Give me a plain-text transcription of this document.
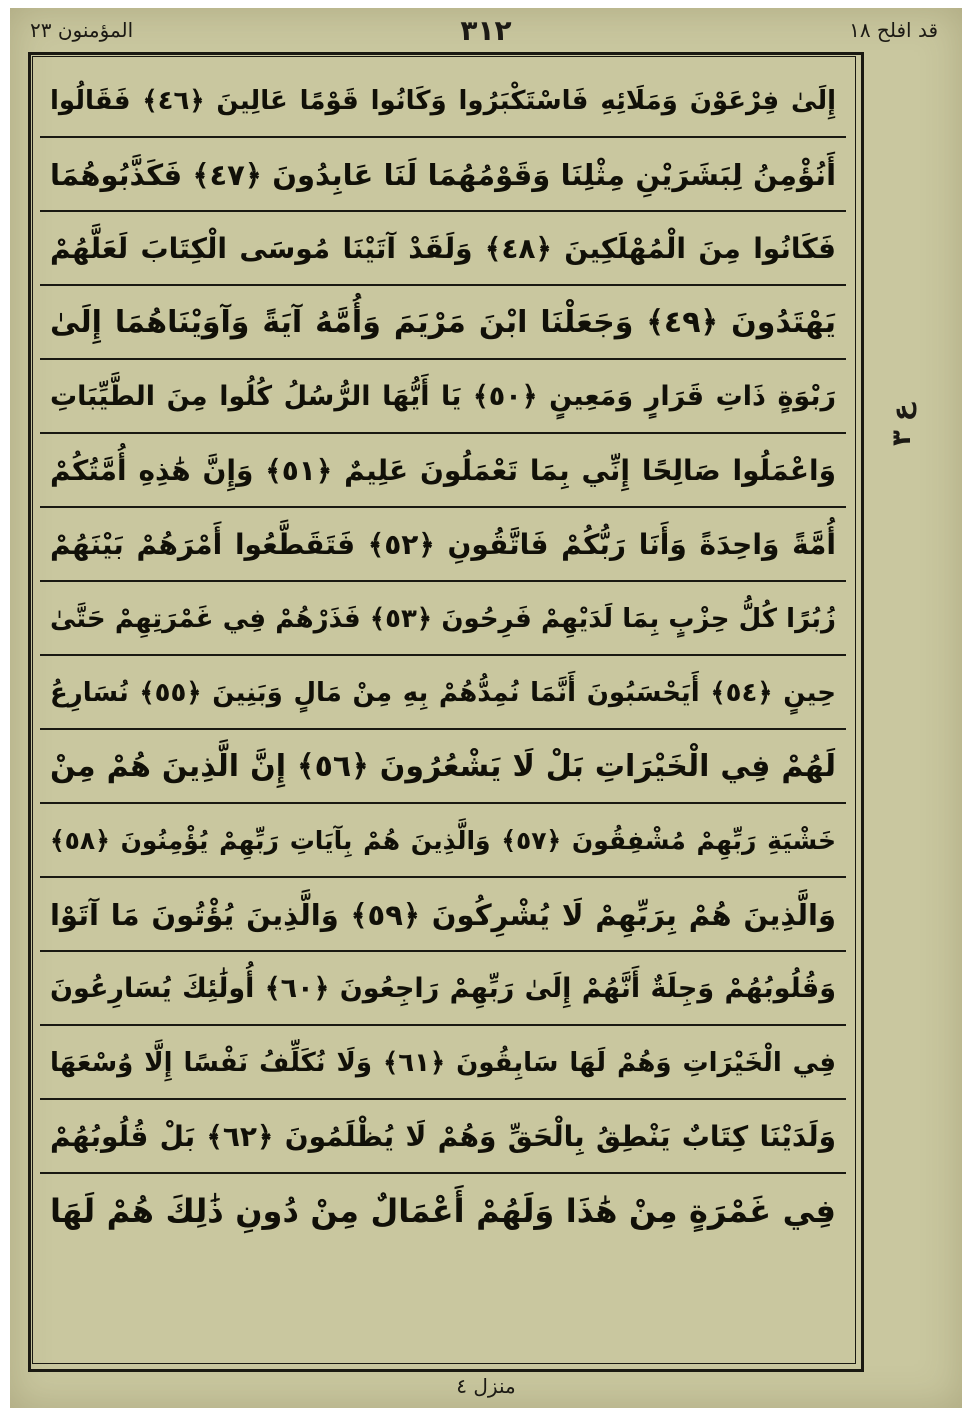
المؤمنون ٢٣	٣١٢	قد افلح ١٨
إِلَىٰ فِرْعَوْنَ وَمَلَائِهِ فَاسْتَكْبَرُوا وَكَانُوا قَوْمًا عَالِينَ ﴿٤٦﴾ فَقَالُوا
أَنُؤْمِنُ لِبَشَرَيْنِ مِثْلِنَا وَقَوْمُهُمَا لَنَا عَابِدُونَ ﴿٤٧﴾ فَكَذَّبُوهُمَا
فَكَانُوا مِنَ الْمُهْلَكِينَ ﴿٤٨﴾ وَلَقَدْ آتَيْنَا مُوسَى الْكِتَابَ لَعَلَّهُمْ
يَهْتَدُونَ ﴿٤٩﴾ وَجَعَلْنَا ابْنَ مَرْيَمَ وَأُمَّهُ آيَةً وَآوَيْنَاهُمَا إِلَىٰ
رَبْوَةٍ ذَاتِ قَرَارٍ وَمَعِينٍ ﴿٥٠﴾ يَا أَيُّهَا الرُّسُلُ كُلُوا مِنَ الطَّيِّبَاتِ
وَاعْمَلُوا صَالِحًا إِنِّي بِمَا تَعْمَلُونَ عَلِيمٌ ﴿٥١﴾ وَإِنَّ هَٰذِهِ أُمَّتُكُمْ
أُمَّةً وَاحِدَةً وَأَنَا رَبُّكُمْ فَاتَّقُونِ ﴿٥٢﴾ فَتَقَطَّعُوا أَمْرَهُمْ بَيْنَهُمْ
زُبُرًا كُلُّ حِزْبٍ بِمَا لَدَيْهِمْ فَرِحُونَ ﴿٥٣﴾ فَذَرْهُمْ فِي غَمْرَتِهِمْ حَتَّىٰ
حِينٍ ﴿٥٤﴾ أَيَحْسَبُونَ أَنَّمَا نُمِدُّهُمْ بِهِ مِنْ مَالٍ وَبَنِينَ ﴿٥٥﴾ نُسَارِعُ
لَهُمْ فِي الْخَيْرَاتِ بَلْ لَا يَشْعُرُونَ ﴿٥٦﴾ إِنَّ الَّذِينَ هُمْ مِنْ
خَشْيَةِ رَبِّهِمْ مُشْفِقُونَ ﴿٥٧﴾ وَالَّذِينَ هُمْ بِآيَاتِ رَبِّهِمْ يُؤْمِنُونَ ﴿٥٨﴾
وَالَّذِينَ هُمْ بِرَبِّهِمْ لَا يُشْرِكُونَ ﴿٥٩﴾ وَالَّذِينَ يُؤْتُونَ مَا آتَوْا
وَقُلُوبُهُمْ وَجِلَةٌ أَنَّهُمْ إِلَىٰ رَبِّهِمْ رَاجِعُونَ ﴿٦٠﴾ أُولَٰئِكَ يُسَارِعُونَ
فِي الْخَيْرَاتِ وَهُمْ لَهَا سَابِقُونَ ﴿٦١﴾ وَلَا نُكَلِّفُ نَفْسًا إِلَّا وُسْعَهَا
وَلَدَيْنَا كِتَابٌ يَنْطِقُ بِالْحَقِّ وَهُمْ لَا يُظْلَمُونَ ﴿٦٢﴾ بَلْ قُلُوبُهُمْ
فِي غَمْرَةٍ مِنْ هَٰذَا وَلَهُمْ أَعْمَالٌ مِنْ دُونِ ذَٰلِكَ هُمْ لَهَا
ع ۳
منزل ٤
